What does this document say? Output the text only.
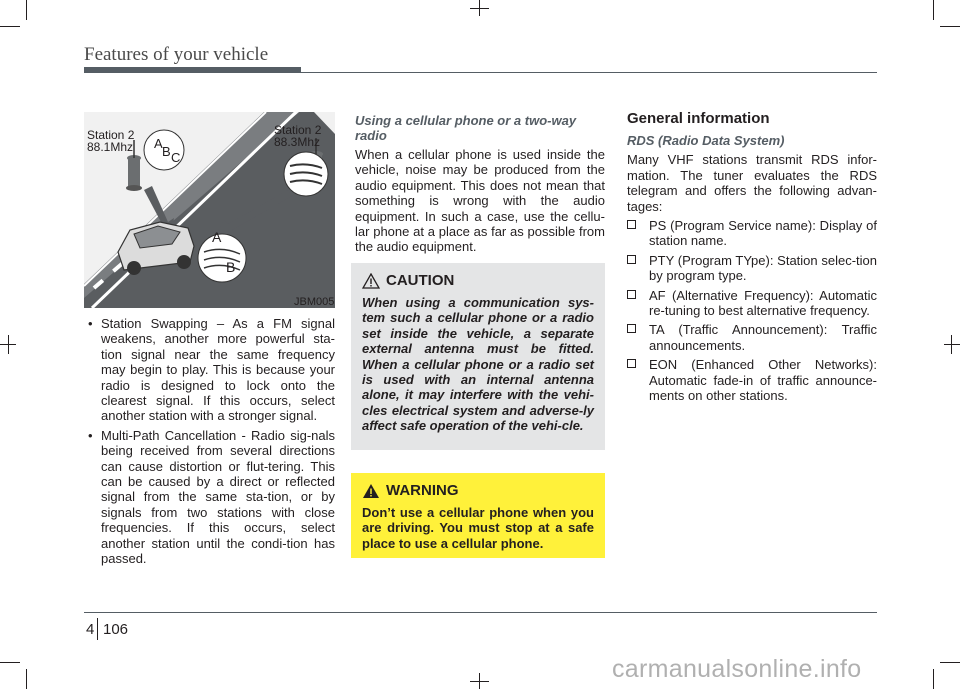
Features of your vehicle
Station 2
88.1Mhz
Station 2
88.3Mhz
A
B C
A
B
JBM005
• Station Swapping – As a FM signal weakens, another more powerful sta-tion signal near the same frequency may begin to play. This is because your radio is designed to lock onto the clearest signal. If this occurs, select another station with a stronger signal.
• Multi-Path Cancellation - Radio sig-nals being received from several directions can cause distortion or flut-tering. This can be caused by a direct or reflected signal from the same sta-tion, or by signals from two stations with close frequencies. If this occurs, select another station until the condi-tion has passed.
Using a cellular phone or a two-way radio

When a cellular phone is used inside the vehicle, noise may be produced from the audio equipment. This does not mean that something is wrong with the audio equipment. In such a case, use the cellu-lar phone at a place as far as possible from the audio equipment.

CAUTION
When using a communication sys-tem such a cellular phone or a radio set inside the vehicle, a separate external antenna must be fitted. When a cellular phone or a radio set is used with an internal antenna alone, it may interfere with the vehi-cles electrical system and adverse-ly affect safe operation of the vehi-cle.
WARNING
Don’t use a cellular phone when you are driving. You must stop at a safe place to use a cellular phone.
General information
RDS (Radio Data System)

Many VHF stations transmit RDS infor-mation. The tuner evaluates the RDS telegram and offers the following advan-tages:

PS (Program Service name): Display of station name.
PTY (Program TYpe): Station selec-tion by program type.
AF (Alternative Frequency): Automatic re-tuning to best alternative frequency.
TA (Traffic Announcement): Traffic announcements.
EON (Enhanced Other Networks): Automatic fade-in of traffic announce-ments on other stations.
4 106
carmanualsonline.info
